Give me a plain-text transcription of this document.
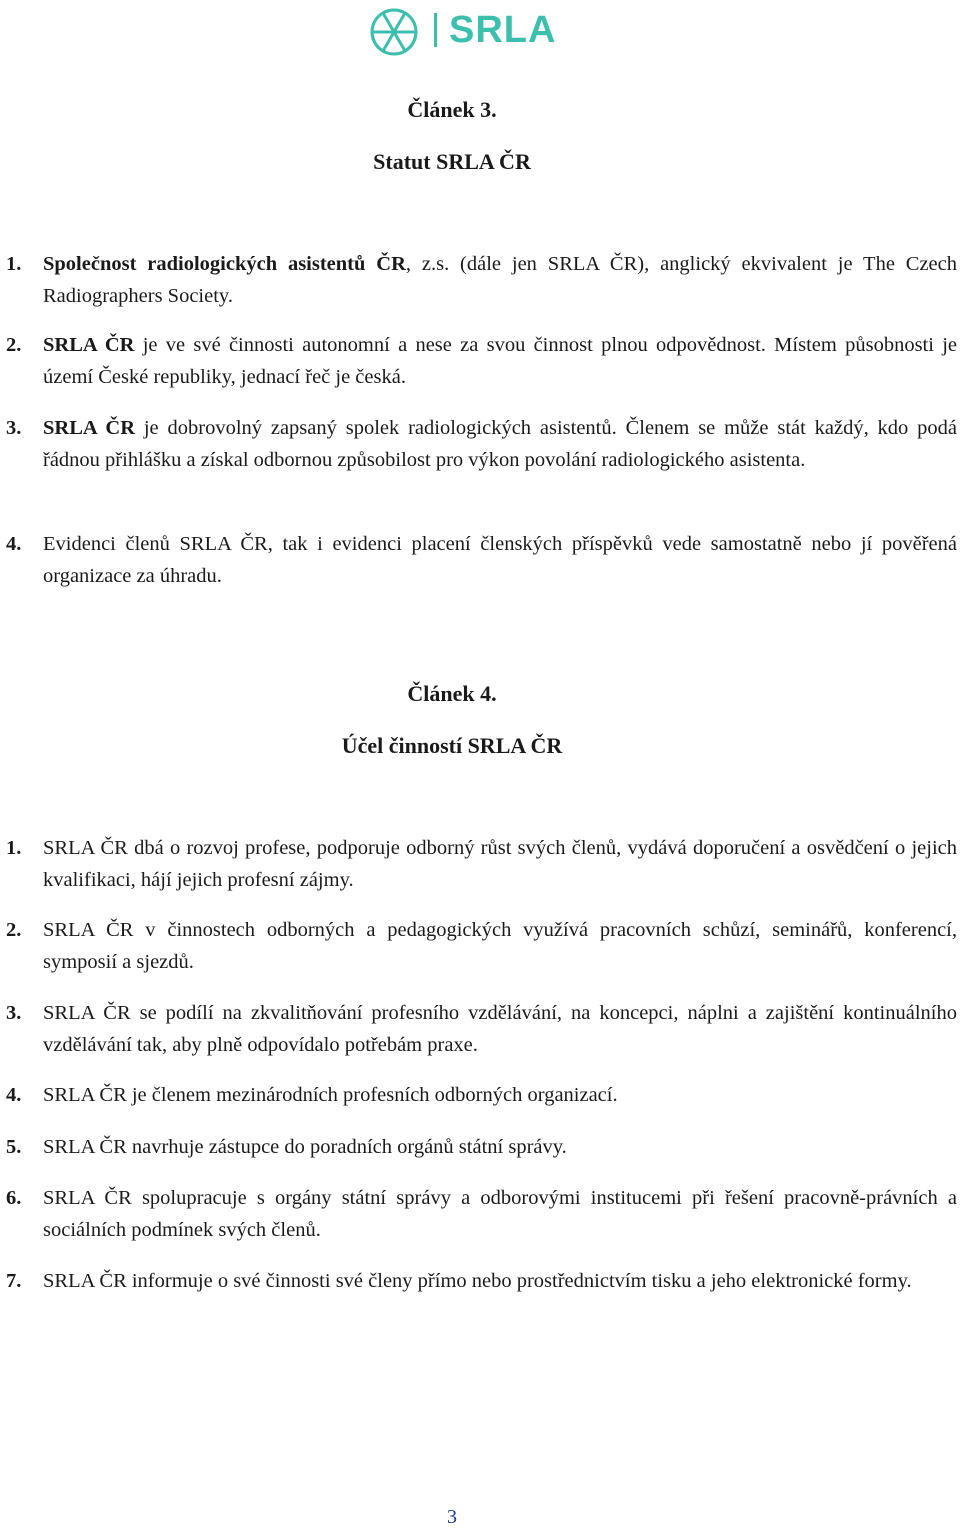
SRLA
Článek 3.
Statut SRLA ČR
1. Společnost radiologických asistentů ČR, z.s. (dále jen SRLA ČR), anglický ekvivalent je The Czech Radiographers Society.
2. SRLA ČR je ve své činnosti autonomní a nese za svou činnost plnou odpovědnost. Místem působnosti je území České republiky, jednací řeč je česká.
3. SRLA ČR je dobrovolný zapsaný spolek radiologických asistentů. Členem se může stát každý, kdo podá řádnou přihlášku a získal odbornou způsobilost pro výkon povolání radiologického asistenta.
4. Evidenci členů SRLA ČR, tak i evidenci placení členských příspěvků vede samostatně nebo jí pověřená organizace za úhradu.
Článek 4.
Účel činností SRLA ČR
1. SRLA ČR dbá o rozvoj profese, podporuje odborný růst svých členů, vydává doporučení a osvědčení o jejich kvalifikaci, hájí jejich profesní zájmy.
2. SRLA ČR v činnostech odborných a pedagogických využívá pracovních schůzí, seminářů, konferencí, symposií a sjezdů.
3. SRLA ČR se podílí na zkvalitňování profesního vzdělávání, na koncepci, náplni a zajištění kontinuálního vzdělávání tak, aby plně odpovídalo potřebám praxe.
4. SRLA ČR je členem mezinárodních profesních odborných organizací.
5. SRLA ČR navrhuje zástupce do poradních orgánů státní správy.
6. SRLA ČR spolupracuje s orgány státní správy a odborovými institucemi při řešení pracovně-právních a sociálních podmínek svých členů.
7. SRLA ČR informuje o své činnosti své členy přímo nebo prostřednictvím tisku a jeho elektronické formy.
3
